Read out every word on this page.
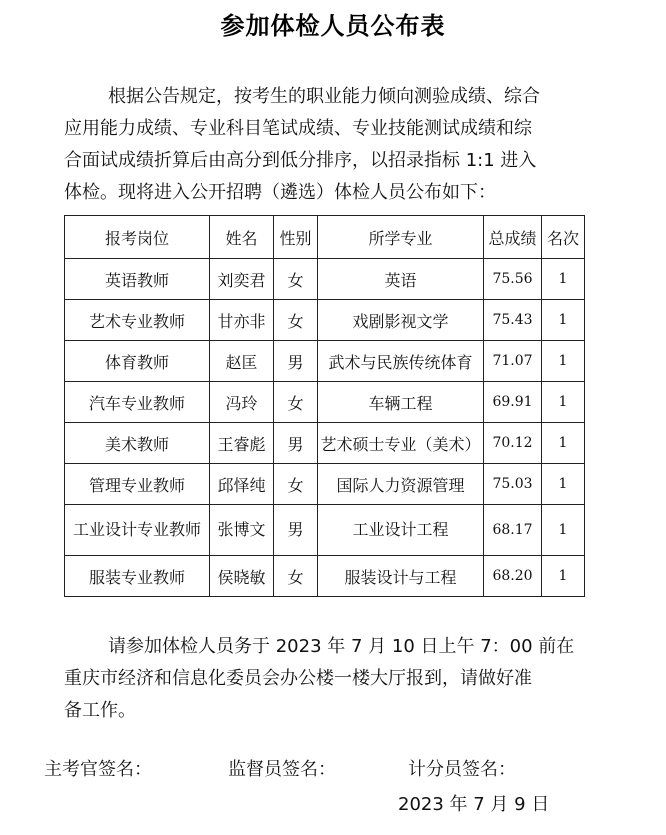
参加体检人员公布表
根据公告规定，按考生的职业能力倾向测验成绩、综合
应用能力成绩、专业科目笔试成绩、专业技能测试成绩和综
合面试成绩折算后由高分到低分排序，以招录指标 1:1 进入
体检。现将进入公开招聘（遴选）体检人员公布如下：
报考岗位	姓名	性别	所学专业	总成绩	名次
英语教师	刘奕君	女	英语	75.56	1
艺术专业教师	甘亦非	女	戏剧影视文学	75.43	1
体育教师	赵匡	男	武术与民族传统体育	71.07	1
汽车专业教师	冯玲	女	车辆工程	69.91	1
美术教师	王睿彪	男	艺术硕士专业（美术）	70.12	1
管理专业教师	邱怿纯	女	国际人力资源管理	75.03	1
工业设计专业教师	张博文	男	工业设计工程	68.17	1
服装专业教师	侯晓敏	女	服装设计与工程	68.20	1
请参加体检人员务于 2023 年 7 月 10 日上午 7：00 前在
重庆市经济和信息化委员会办公楼一楼大厅报到，请做好准
备工作。
主考官签名：	监督员签名：	计分员签名：
2023 年 7 月 9 日
